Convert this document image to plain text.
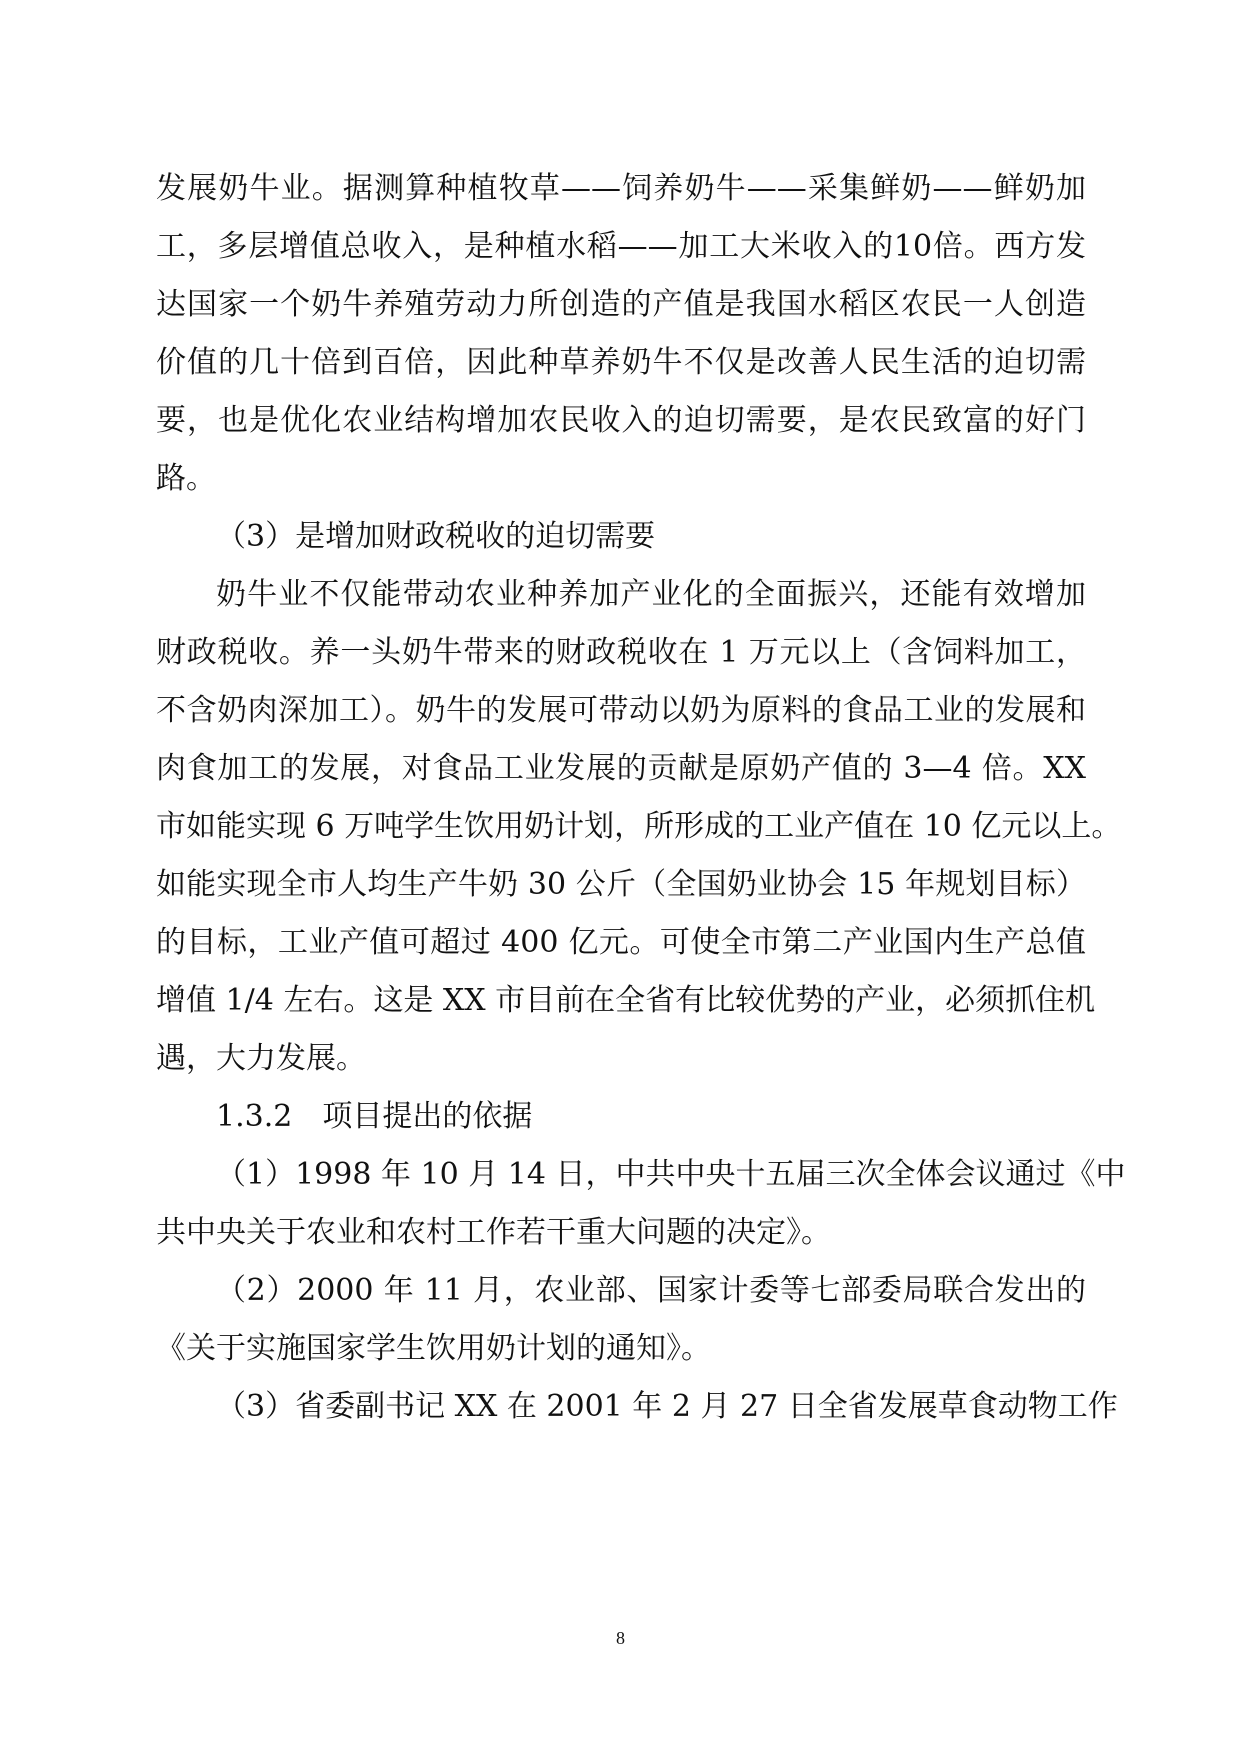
发展奶牛业。据测算种植牧草——饲养奶牛——采集鲜奶——鲜奶加
工，多层增值总收入，是种植水稻——加工大米收入的10倍。西方发
达国家一个奶牛养殖劳动力所创造的产值是我国水稻区农民一人创造
价值的几十倍到百倍，因此种草养奶牛不仅是改善人民生活的迫切需
要，也是优化农业结构增加农民收入的迫切需要，是农民致富的好门
路。
（3）是增加财政税收的迫切需要
奶牛业不仅能带动农业种养加产业化的全面振兴，还能有效增加
财政税收。养一头奶牛带来的财政税收在 1 万元以上（含饲料加工，
不含奶肉深加工）。奶牛的发展可带动以奶为原料的食品工业的发展和
肉食加工的发展，对食品工业发展的贡献是原奶产值的 3—4 倍。XX
市如能实现 6 万吨学生饮用奶计划，所形成的工业产值在 10 亿元以上。
如能实现全市人均生产牛奶 30 公斤（全国奶业协会 15 年规划目标）
的目标，工业产值可超过 400 亿元。可使全市第二产业国内生产总值
增值 1/4 左右。这是 XX 市目前在全省有比较优势的产业，必须抓住机
遇，大力发展。
1.3.2　项目提出的依据
（1）1998 年 10 月 14 日，中共中央十五届三次全体会议通过《中
共中央关于农业和农村工作若干重大问题的决定》。
（2）2000 年 11 月，农业部、国家计委等七部委局联合发出的
《关于实施国家学生饮用奶计划的通知》。
（3）省委副书记 XX 在 2001 年 2 月 27 日全省发展草食动物工作
8
